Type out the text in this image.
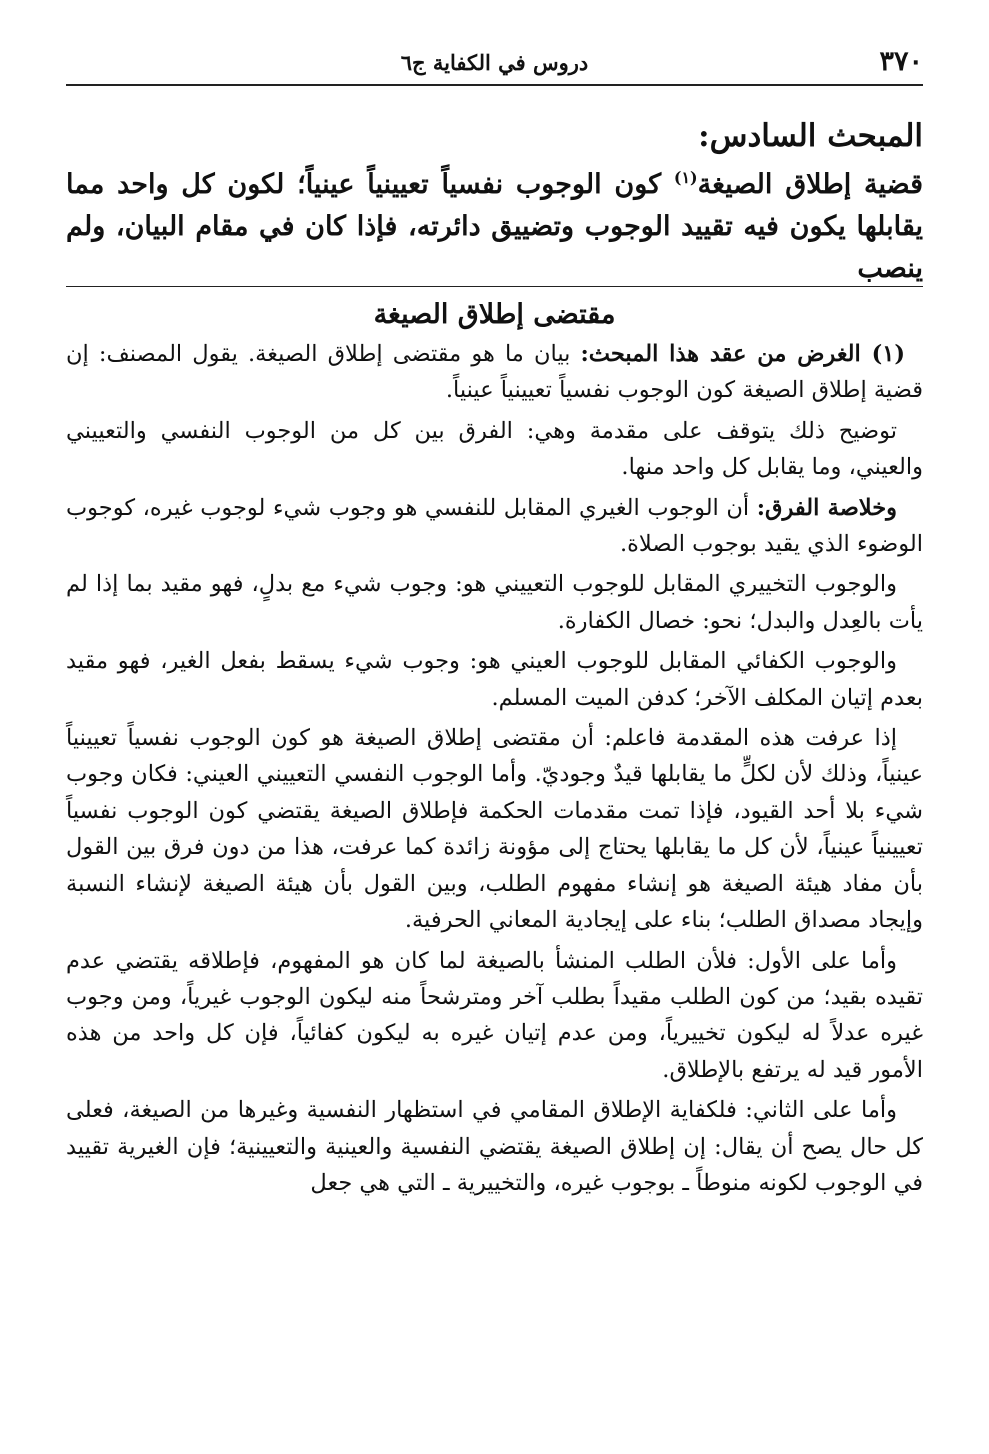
٣٧٠
دروس في الكفاية ج٦
المبحث السادس:

قضية إطلاق الصيغة$^{(١)}$ كون الوجوب نفسياً تعيينياً عينياً؛ لكون كل واحد مما يقابلها يكون فيه تقييد الوجوب وتضييق دائرته، فإذا كان في مقام البيان، ولم ينصب

مقتضى إطلاق الصيغة

(١) الغرض من عقد هذا المبحث: بيان ما هو مقتضى إطلاق الصيغة. يقول المصنف: إن قضية إطلاق الصيغة كون الوجوب نفسياً تعيينياً عينياً.

توضيح ذلك يتوقف على مقدمة وهي: الفرق بين كل من الوجوب النفسي والتعييني والعيني، وما يقابل كل واحد منها.

وخلاصة الفرق: أن الوجوب الغيري المقابل للنفسي هو وجوب شيء لوجوب غيره، كوجوب الوضوء الذي يقيد بوجوب الصلاة.

والوجوب التخييري المقابل للوجوب التعييني هو: وجوب شيء مع بدلٍ، فهو مقيد بما إذا لم يأت بالعِدل والبدل؛ نحو: خصال الكفارة.

والوجوب الكفائي المقابل للوجوب العيني هو: وجوب شيء يسقط بفعل الغير، فهو مقيد بعدم إتيان المكلف الآخر؛ كدفن الميت المسلم.

إذا عرفت هذه المقدمة فاعلم: أن مقتضى إطلاق الصيغة هو كون الوجوب نفسياً تعيينياً عينياً، وذلك لأن لكلٍّ ما يقابلها قيدٌ وجوديّ. وأما الوجوب النفسي التعييني العيني: فكان وجوب شيء بلا أحد القيود، فإذا تمت مقدمات الحكمة فإطلاق الصيغة يقتضي كون الوجوب نفسياً تعيينياً عينياً، لأن كل ما يقابلها يحتاج إلى مؤونة زائدة كما عرفت، هذا من دون فرق بين القول بأن مفاد هيئة الصيغة هو إنشاء مفهوم الطلب، وبين القول بأن هيئة الصيغة لإنشاء النسبة وإيجاد مصداق الطلب؛ بناء على إيجادية المعاني الحرفية.

وأما على الأول: فلأن الطلب المنشأ بالصيغة لما كان هو المفهوم، فإطلاقه يقتضي عدم تقيده بقيد؛ من كون الطلب مقيداً بطلب آخر ومترشحاً منه ليكون الوجوب غيرياً، ومن وجوب غيره عدلاً له ليكون تخييرياً، ومن عدم إتيان غيره به ليكون كفائياً، فإن كل واحد من هذه الأمور قيد له يرتفع بالإطلاق.

وأما على الثاني: فلكفاية الإطلاق المقامي في استظهار النفسية وغيرها من الصيغة، فعلى كل حال يصح أن يقال: إن إطلاق الصيغة يقتضي النفسية والعينية والتعيينية؛ فإن الغيرية تقييد في الوجوب لكونه منوطاً ـ بوجوب غيره، والتخييرية ـ التي هي جعل
